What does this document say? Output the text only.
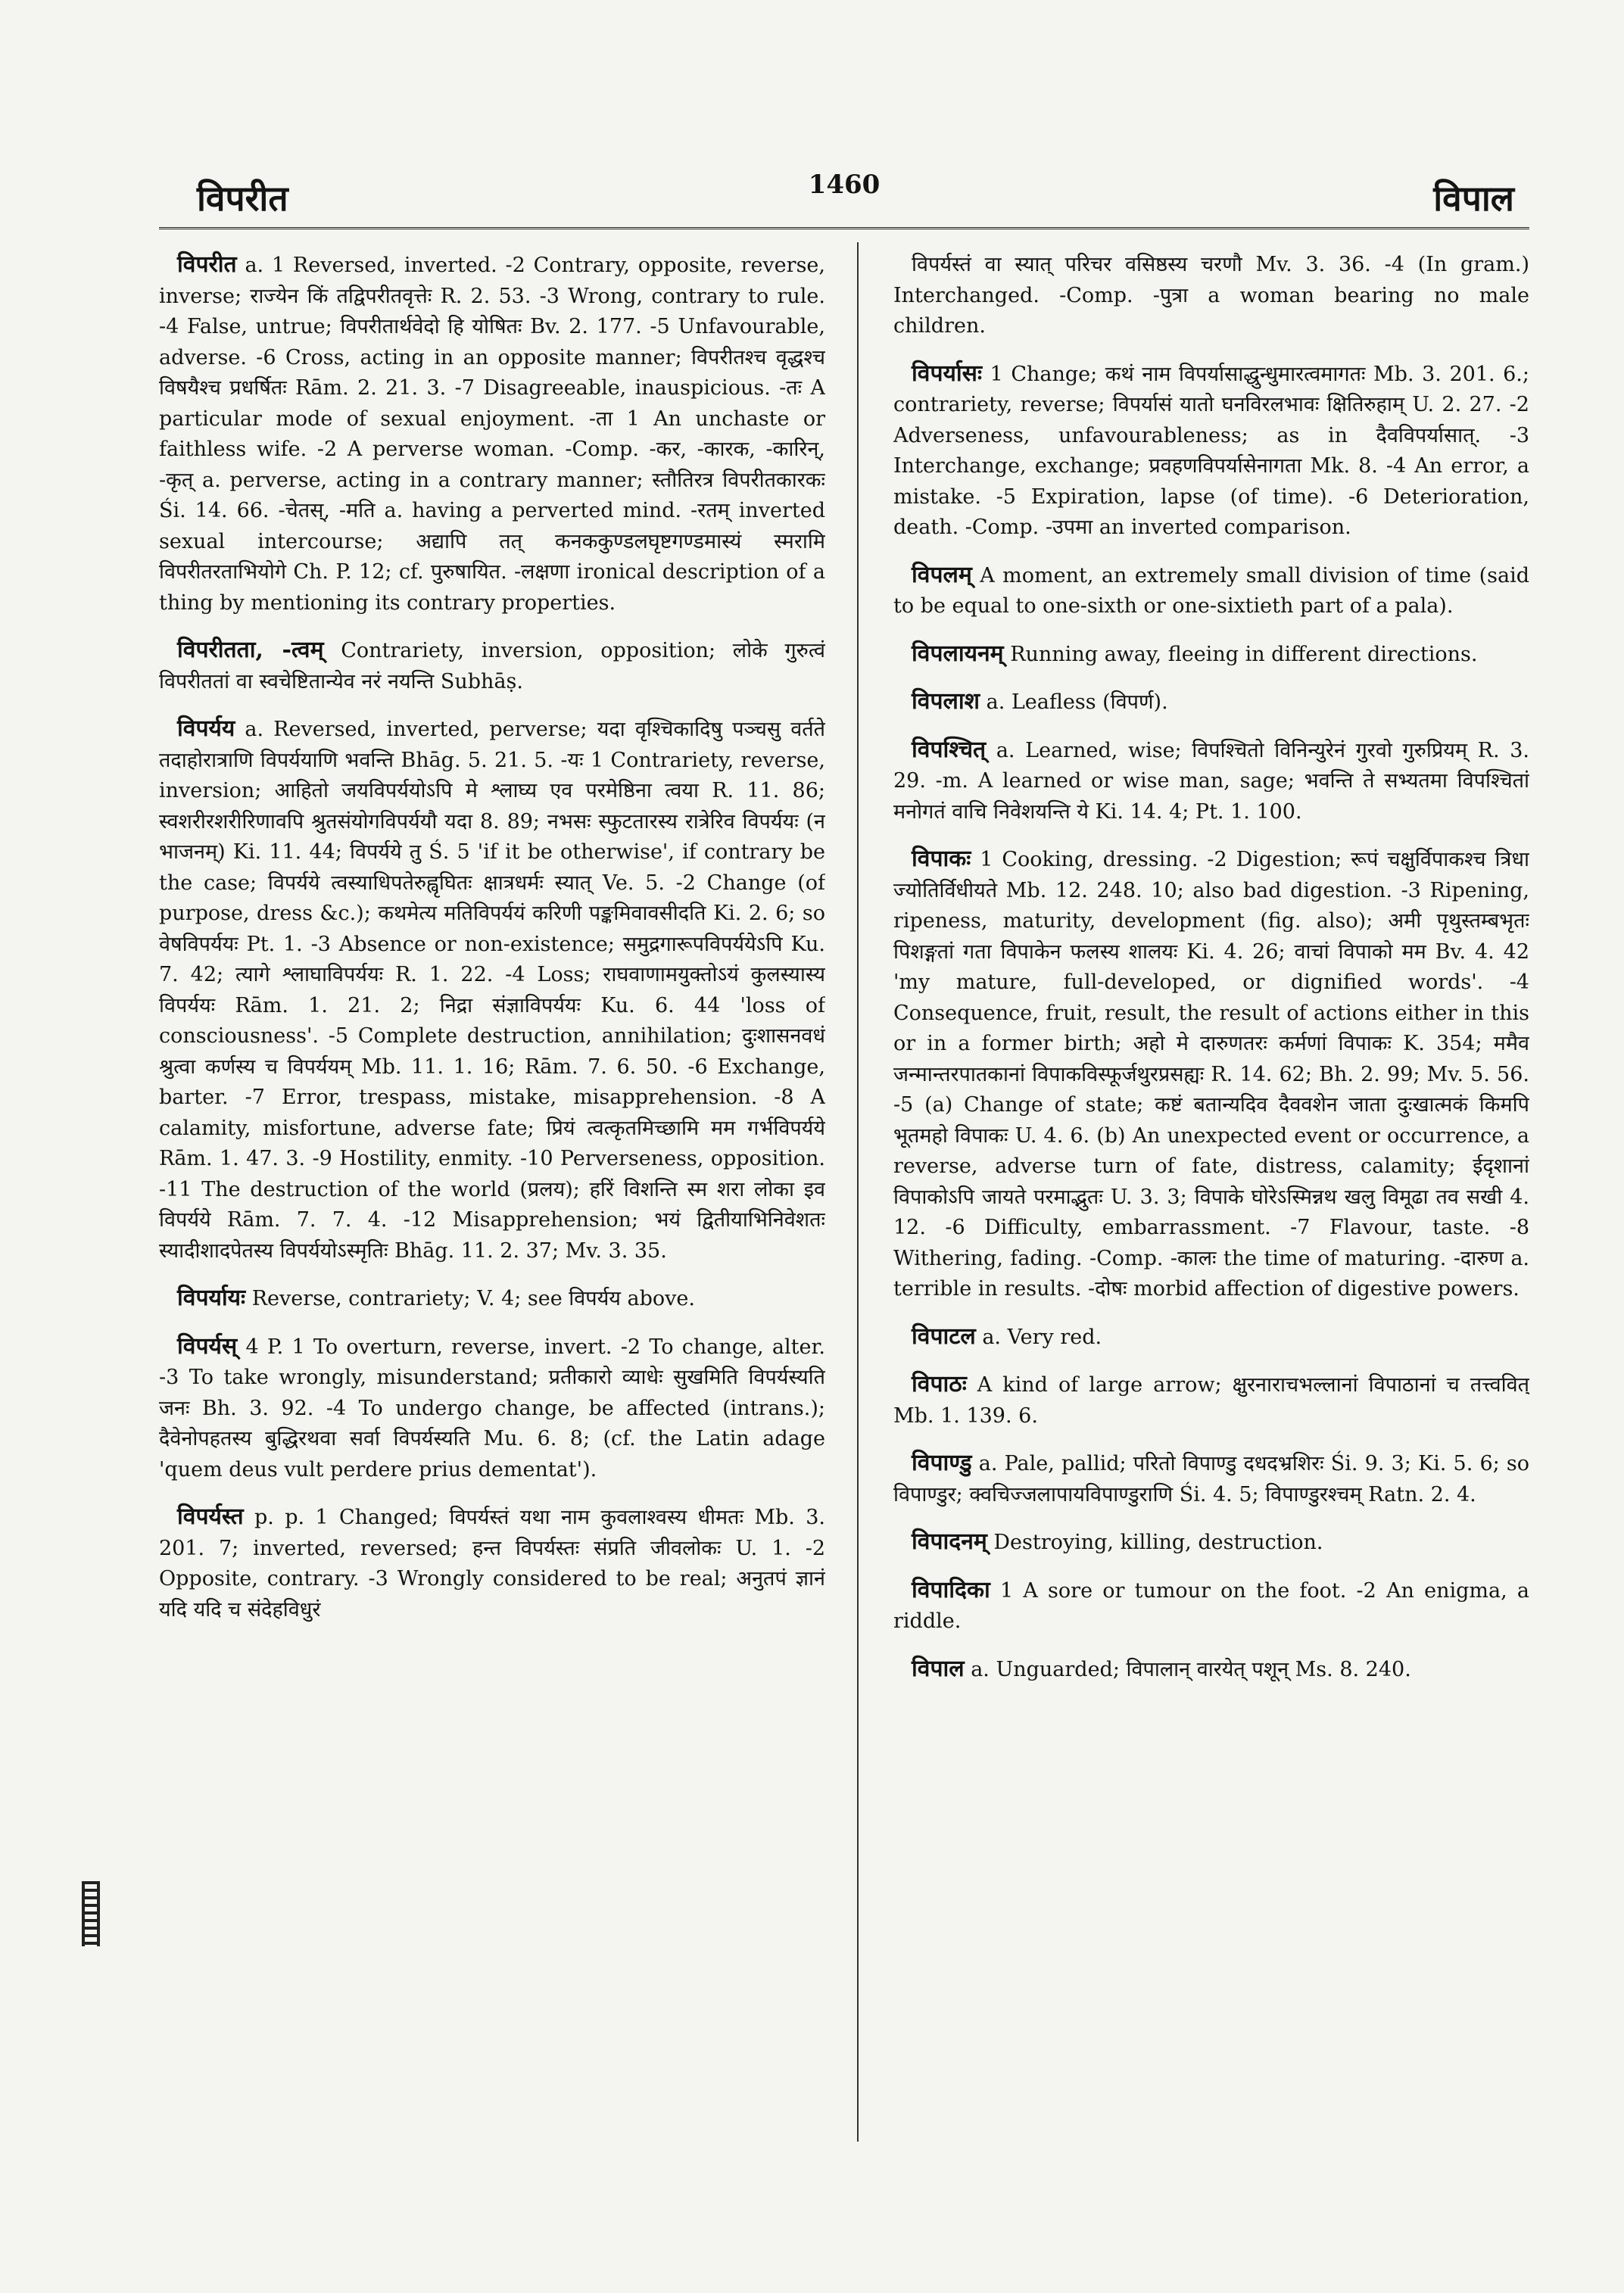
विपरीत	1460	विपाल

विपरीत a. 1 Reversed, inverted. -2 Contrary, opposite, reverse, inverse; राज्येन किं तद्विपरीतवृत्तेः R. 2. 53. -3 Wrong, contrary to rule. -4 False, untrue; विपरीतार्थवेदो हि योषितः Bv. 2. 177. -5 Unfavourable, adverse. -6 Cross, acting in an opposite manner; विपरीतश्च वृद्धश्च विषयैश्च प्रधर्षितः Rām. 2. 21. 3. -7 Disagreeable, inauspicious. -तः A particular mode of sexual enjoyment. -ता 1 An unchaste or faithless wife. -2 A perverse woman. -Comp. -कर, -कारक, -कारिन्, -कृत् a. perverse, acting in a contrary manner; स्तौतिरत्र विपरीतकारकः Śi. 14. 66. -चेतस्, -मति a. having a perverted mind. -रतम् inverted sexual intercourse; अद्यापि तत् कनककुण्डलघृष्टगण्डमास्यं स्मरामि विपरीतरताभियोगे Ch. P. 12; cf. पुरुषायित. -लक्षणा ironical description of a thing by mentioning its contrary properties.

विपरीतता, -त्वम् Contrariety, inversion, opposition; लोके गुरुत्वं विपरीततां वा स्वचेष्टितान्येव नरं नयन्ति Subhāṣ.

विपर्यय a. Reversed, inverted, perverse; यदा वृश्चिकादिषु पञ्चसु वर्तते तदाहोरात्राणि विपर्ययाणि भवन्ति Bhāg. 5. 21. 5. -यः 1 Contrariety, reverse, inversion; आहितो जयविपर्ययोऽपि मे श्लाघ्य एव परमेष्ठिना त्वया R. 11. 86; स्वशरीरशरीरिणावपि श्रुतसंयोगविपर्ययौ यदा 8. 89; नभसः स्फुटतारस्य रात्रेरिव विपर्ययः (न भाजनम्) Ki. 11. 44; विपर्यये तु Ś. 5 'if it be otherwise', if contrary be the case; विपर्यये त्वस्याधिपतेरुह्वृघितः क्षात्रधर्मः स्यात् Ve. 5. -2 Change (of purpose, dress &c.); कथमेत्य मतिविपर्ययं करिणी पङ्कमिवावसीदति Ki. 2. 6; so वेषविपर्ययः Pt. 1. -3 Absence or non-existence; समुद्रगारूपविपर्ययेऽपि Ku. 7. 42; त्यागे श्लाघाविपर्ययः R. 1. 22. -4 Loss; राघवाणामयुक्तोऽयं कुलस्यास्य विपर्ययः Rām. 1. 21. 2; निद्रा संज्ञाविपर्ययः Ku. 6. 44 'loss of consciousness'. -5 Complete destruction, annihilation; दुःशासनवधं श्रुत्वा कर्णस्य च विपर्ययम् Mb. 11. 1. 16; Rām. 7. 6. 50. -6 Exchange, barter. -7 Error, trespass, mistake, misapprehension. -8 A calamity, misfortune, adverse fate; प्रियं त्वत्कृतमिच्छामि मम गर्भविपर्यये Rām. 1. 47. 3. -9 Hostility, enmity. -10 Perverseness, opposition. -11 The destruction of the world (प्रलय); हरिं विशन्ति स्म शरा लोका इव विपर्यये Rām. 7. 7. 4. -12 Misapprehension; भयं द्वितीयाभिनिवेशतः स्यादीशादपेतस्य विपर्ययोऽस्मृतिः Bhāg. 11. 2. 37; Mv. 3. 35.

विपर्यायः Reverse, contrariety; V. 4; see विपर्यय above.

विपर्यस् 4 P. 1 To overturn, reverse, invert. -2 To change, alter. -3 To take wrongly, misunderstand; प्रतीकारो व्याधेः सुखमिति विपर्यस्यति जनः Bh. 3. 92. -4 To undergo change, be affected (intrans.); दैवेनोपहतस्य बुद्धिरथवा सर्वा विपर्यस्यति Mu. 6. 8; (cf. the Latin adage 'quem deus vult perdere prius dementat').

विपर्यस्त p. p. 1 Changed; विपर्यस्तं यथा नाम कुवलाश्वस्य धीमतः Mb. 3. 201. 7; inverted, reversed; हन्त विपर्यस्तः संप्रति जीवलोकः U. 1. -2 Opposite, contrary. -3 Wrongly considered to be real; अनुतपं ज्ञानं यदि यदि च संदेहविधुरं

विपर्यस्तं वा स्यात् परिचर वसिष्ठस्य चरणौ Mv. 3. 36. -4 (In gram.) Interchanged. -Comp. -पुत्रा a woman bearing no male children.

विपर्यासः 1 Change; कथं नाम विपर्यासाद्धुन्धुमारत्वमागतः Mb. 3. 201. 6.; contrariety, reverse; विपर्यासं यातो घनविरलभावः क्षितिरुहाम् U. 2. 27. -2 Adverseness, unfavourableness; as in दैवविपर्यासात्. -3 Interchange, exchange; प्रवहणविपर्यासेनागता Mk. 8. -4 An error, a mistake. -5 Expiration, lapse (of time). -6 Deterioration, death. -Comp. -उपमा an inverted comparison.

विपलम् A moment, an extremely small division of time (said to be equal to one-sixth or one-sixtieth part of a pala).

विपलायनम् Running away, fleeing in different directions.

विपलाश a. Leafless (विपर्ण).

विपश्चित् a. Learned, wise; विपश्चितो विनिन्युरेनं गुरवो गुरुप्रियम् R. 3. 29. -m. A learned or wise man, sage; भवन्ति ते सभ्यतमा विपश्चितां मनोगतं वाचि निवेशयन्ति ये Ki. 14. 4; Pt. 1. 100.

विपाकः 1 Cooking, dressing. -2 Digestion; रूपं चक्षुर्विपाकश्च त्रिधा ज्योतिर्विधीयते Mb. 12. 248. 10; also bad digestion. -3 Ripening, ripeness, maturity, development (fig. also); अमी पृथुस्तम्बभृतः पिशङ्गतां गता विपाकेन फलस्य शालयः Ki. 4. 26; वाचां विपाको मम Bv. 4. 42 'my mature, full-developed, or dignified words'. -4 Consequence, fruit, result, the result of actions either in this or in a former birth; अहो मे दारुणतरः कर्मणां विपाकः K. 354; ममैव जन्मान्तरपातकानां विपाकविस्फूर्जथुरप्रसह्यः R. 14. 62; Bh. 2. 99; Mv. 5. 56. -5 (a) Change of state; कष्टं बतान्यदिव दैववशेन जाता दुःखात्मकं किमपि भूतमहो विपाकः U. 4. 6. (b) An unexpected event or occurrence, a reverse, adverse turn of fate, distress, calamity; ईदृशानां विपाकोऽपि जायते परमाद्भुतः U. 3. 3; विपाके घोरेऽस्मिन्नथ खलु विमूढा तव सखी 4. 12. -6 Difficulty, embarrassment. -7 Flavour, taste. -8 Withering, fading. -Comp. -कालः the time of maturing. -दारुण a. terrible in results. -दोषः morbid affection of digestive powers.

विपाटल a. Very red.

विपाठः A kind of large arrow; क्षुरनाराचभल्लानां विपाठानां च तत्त्ववित् Mb. 1. 139. 6.

विपाण्डु a. Pale, pallid; परितो विपाण्डु दधदभ्रशिरः Śi. 9. 3; Ki. 5. 6; so विपाण्डुर; क्वचिज्जलापायविपाण्डुराणि Śi. 4. 5; विपाण्डुरश्चम् Ratn. 2. 4.

विपादनम् Destroying, killing, destruction.

विपादिका 1 A sore or tumour on the foot. -2 An enigma, a riddle.

विपाल a. Unguarded; विपालान् वारयेत् पशून् Ms. 8. 240.
